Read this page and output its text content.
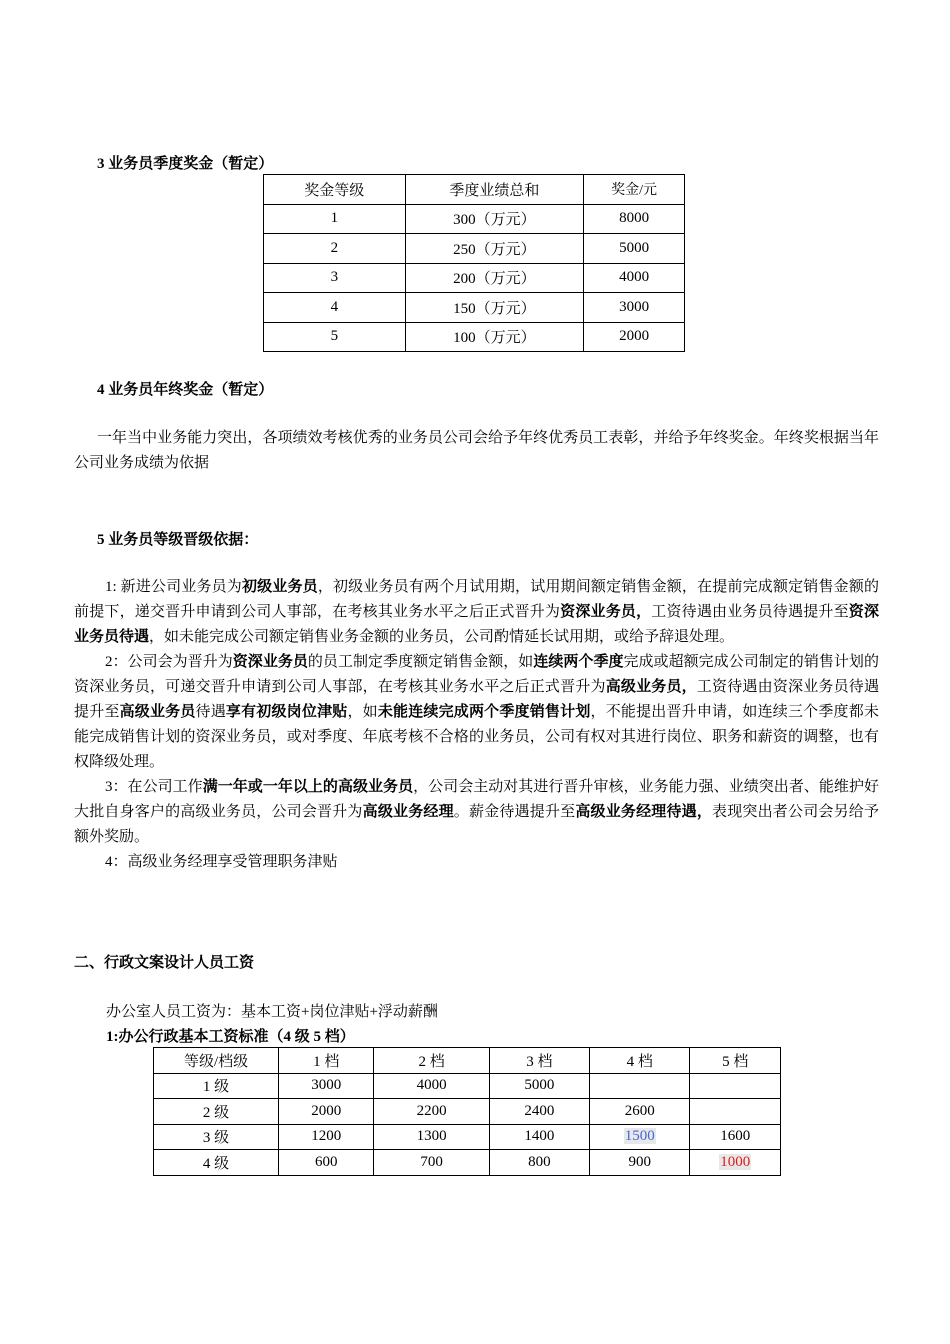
3 业务员季度奖金（暂定）
奖金等级	季度业绩总和	奖金/元
1	300（万元）	8000
2	250（万元）	5000
3	200（万元）	4000
4	150（万元）	3000
5	100（万元）	2000
4 业务员年终奖金（暂定）
一年当中业务能力突出，各项绩效考核优秀的业务员公司会给予年终优秀员工表彰，并给予年终奖金。年终奖根据当年公司业务成绩为依据
5 业务员等级晋级依据：

1: 新进公司业务员为初级业务员，初级业务员有两个月试用期，试用期间额定销售金额，在提前完成额定销售金额的前提下，递交晋升申请到公司人事部，在考核其业务水平之后正式晋升为资深业务员，工资待遇由业务员待遇提升至资深业务员待遇，如未能完成公司额定销售业务金额的业务员，公司酌情延长试用期，或给予辞退处理。

2：公司会为晋升为资深业务员的员工制定季度额定销售金额，如连续两个季度完成或超额完成公司制定的销售计划的资深业务员，可递交晋升申请到公司人事部，在考核其业务水平之后正式晋升为高级业务员，工资待遇由资深业务员待遇提升至高级业务员待遇享有初级岗位津贴，如未能连续完成两个季度销售计划，不能提出晋升申请，如连续三个季度都未能完成销售计划的资深业务员，或对季度、年底考核不合格的业务员，公司有权对其进行岗位、职务和薪资的调整，也有权降级处理。

3：在公司工作满一年或一年以上的高级业务员，公司会主动对其进行晋升审核，业务能力强、业绩突出者、能维护好大批自身客户的高级业务员，公司会晋升为高级业务经理。薪金待遇提升至高级业务经理待遇，表现突出者公司会另给予额外奖励。

4：高级业务经理享受管理职务津贴

二、行政文案设计人员工资
办公室人员工资为：基本工资+岗位津贴+浮动薪酬
1:办公行政基本工资标准（4 级 5 档）
等级/档级	1 档	2 档	3 档	4 档	5 档
1 级	3000	4000	5000		
2 级	2000	2200	2400	2600	
3 级	1200	1300	1400	1500	1600
4 级	600	700	800	900	1000
